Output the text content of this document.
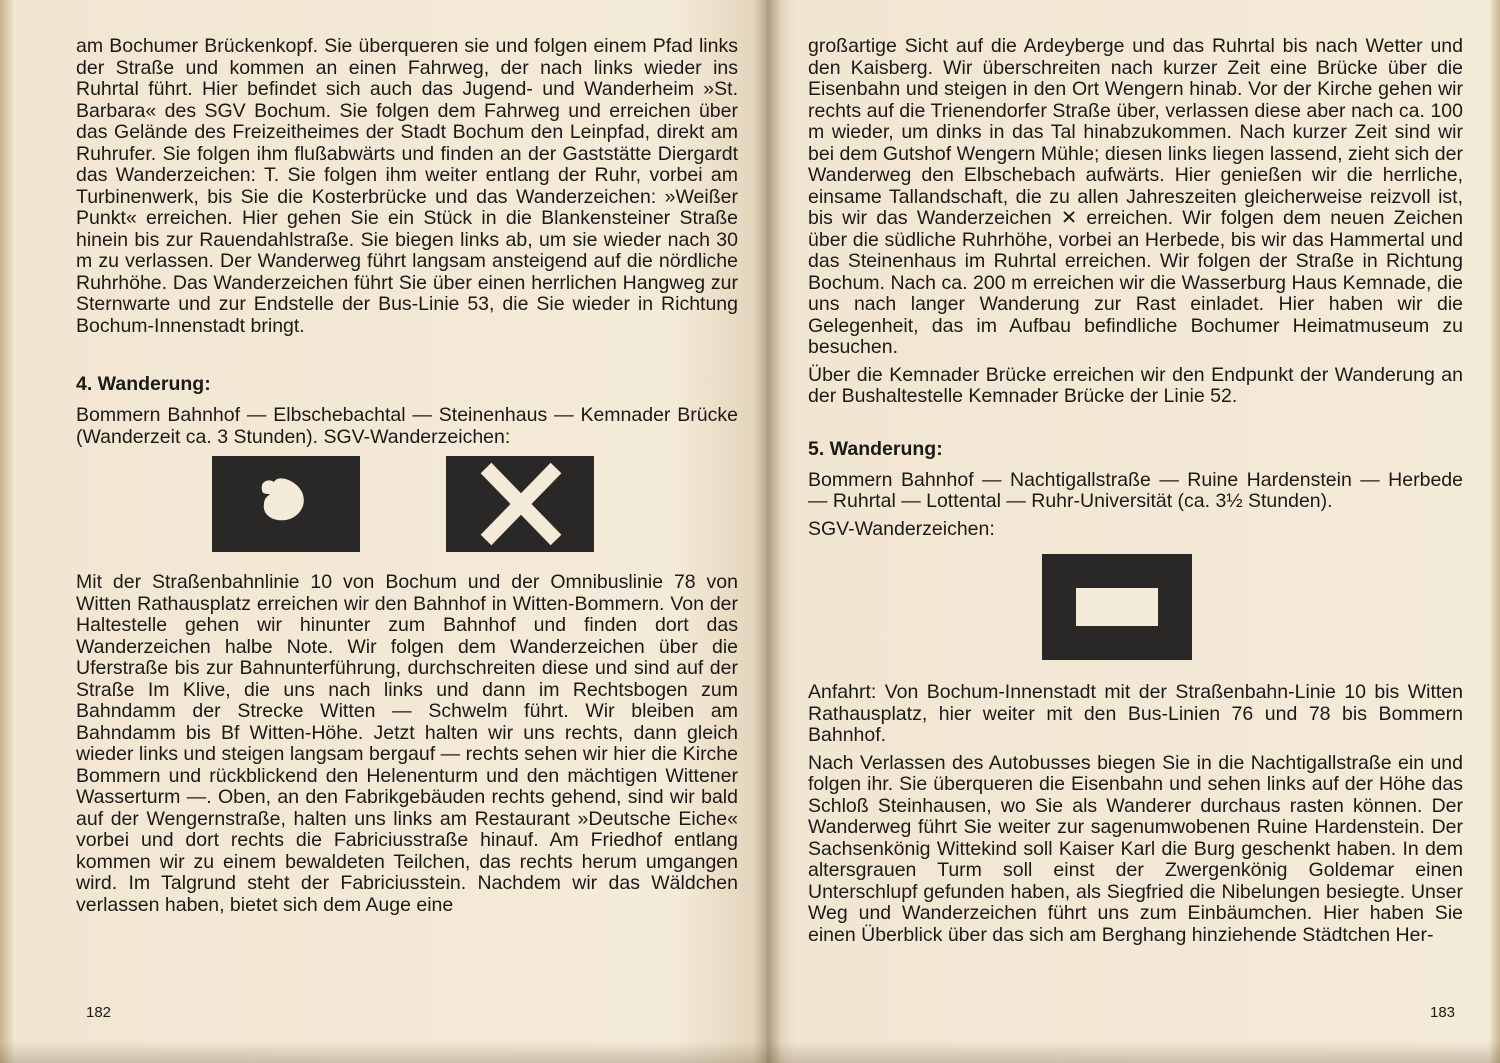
am Bochumer Brückenkopf. Sie überqueren sie und folgen einem Pfad links der Straße und kommen an einen Fahrweg, der nach links wieder ins Ruhrtal führt. Hier befindet sich auch das Jugend- und Wanderheim »St. Barbara« des SGV Bochum. Sie folgen dem Fahrweg und erreichen über das Gelände des Freizeitheimes der Stadt Bochum den Leinpfad, direkt am Ruhrufer. Sie folgen ihm flußabwärts und finden an der Gaststätte Diergardt das Wanderzeichen: T. Sie folgen ihm weiter entlang der Ruhr, vorbei am Turbinenwerk, bis Sie die Kosterbrücke und das Wanderzeichen: »Weißer Punkt« erreichen. Hier gehen Sie ein Stück in die Blankensteiner Straße hinein bis zur Rauendahlstraße. Sie biegen links ab, um sie wieder nach 30 m zu verlassen. Der Wanderweg führt langsam ansteigend auf die nördliche Ruhrhöhe. Das Wanderzeichen führt Sie über einen herrlichen Hangweg zur Sternwarte und zur Endstelle der Bus-Linie 53, die Sie wieder in Richtung Bochum-Innenstadt bringt.

4. Wanderung:

Bommern Bahnhof — Elbschebachtal — Steinenhaus — Kemnader Brücke (Wanderzeit ca. 3 Stunden). SGV-Wanderzeichen:

Mit der Straßenbahnlinie 10 von Bochum und der Omnibuslinie 78 von Witten Rathausplatz erreichen wir den Bahnhof in Witten-Bommern. Von der Haltestelle gehen wir hinunter zum Bahnhof und finden dort das Wanderzeichen halbe Note. Wir folgen dem Wanderzeichen über die Uferstraße bis zur Bahnunterführung, durchschreiten diese und sind auf der Straße Im Klive, die uns nach links und dann im Rechtsbogen zum Bahndamm der Strecke Witten — Schwelm führt. Wir bleiben am Bahndamm bis Bf Witten-Höhe. Jetzt halten wir uns rechts, dann gleich wieder links und steigen langsam bergauf — rechts sehen wir hier die Kirche Bommern und rückblickend den Helenenturm und den mächtigen Wittener Wasserturm —. Oben, an den Fabrikgebäuden rechts gehend, sind wir bald auf der Wengernstraße, halten uns links am Restaurant »Deutsche Eiche« vorbei und dort rechts die Fabriciusstraße hinauf. Am Friedhof entlang kommen wir zu einem bewaldeten Teilchen, das rechts herum umgangen wird. Im Talgrund steht der Fabriciusstein. Nachdem wir das Wäldchen verlassen haben, bietet sich dem Auge eine

182

großartige Sicht auf die Ardeyberge und das Ruhrtal bis nach Wetter und den Kaisberg. Wir überschreiten nach kurzer Zeit eine Brücke über die Eisenbahn und steigen in den Ort Wengern hinab. Vor der Kirche gehen wir rechts auf die Trienendorfer Straße über, verlassen diese aber nach ca. 100 m wieder, um dinks in das Tal hinabzukommen. Nach kurzer Zeit sind wir bei dem Gutshof Wengern Mühle; diesen links liegen lassend, zieht sich der Wanderweg den Elbschebach aufwärts. Hier genießen wir die herrliche, einsame Tallandschaft, die zu allen Jahreszeiten gleicherweise reizvoll ist, bis wir das Wanderzeichen ✕ erreichen. Wir folgen dem neuen Zeichen über die südliche Ruhrhöhe, vorbei an Herbede, bis wir das Hammertal und das Steinenhaus im Ruhrtal erreichen. Wir folgen der Straße in Richtung Bochum. Nach ca. 200 m erreichen wir die Wasserburg Haus Kemnade, die uns nach langer Wanderung zur Rast einladet. Hier haben wir die Gelegenheit, das im Aufbau befindliche Bochumer Heimatmuseum zu besuchen.

Über die Kemnader Brücke erreichen wir den Endpunkt der Wanderung an der Bushaltestelle Kemnader Brücke der Linie 52.

5. Wanderung:

Bommern Bahnhof — Nachtigallstraße — Ruine Hardenstein — Herbede — Ruhrtal — Lottental — Ruhr-Universität (ca. 3½ Stunden).

SGV-Wanderzeichen:

Anfahrt: Von Bochum-Innenstadt mit der Straßenbahn-Linie 10 bis Witten Rathausplatz, hier weiter mit den Bus-Linien 76 und 78 bis Bommern Bahnhof.

Nach Verlassen des Autobusses biegen Sie in die Nachtigallstraße ein und folgen ihr. Sie überqueren die Eisenbahn und sehen links auf der Höhe das Schloß Steinhausen, wo Sie als Wanderer durchaus rasten können. Der Wanderweg führt Sie weiter zur sagenumwobenen Ruine Hardenstein. Der Sachsenkönig Wittekind soll Kaiser Karl die Burg geschenkt haben. In dem altersgrauen Turm soll einst der Zwergenkönig Goldemar einen Unterschlupf gefunden haben, als Siegfried die Nibelungen besiegte. Unser Weg und Wanderzeichen führt uns zum Einbäumchen. Hier haben Sie einen Überblick über das sich am Berghang hinziehende Städtchen Her-

183
